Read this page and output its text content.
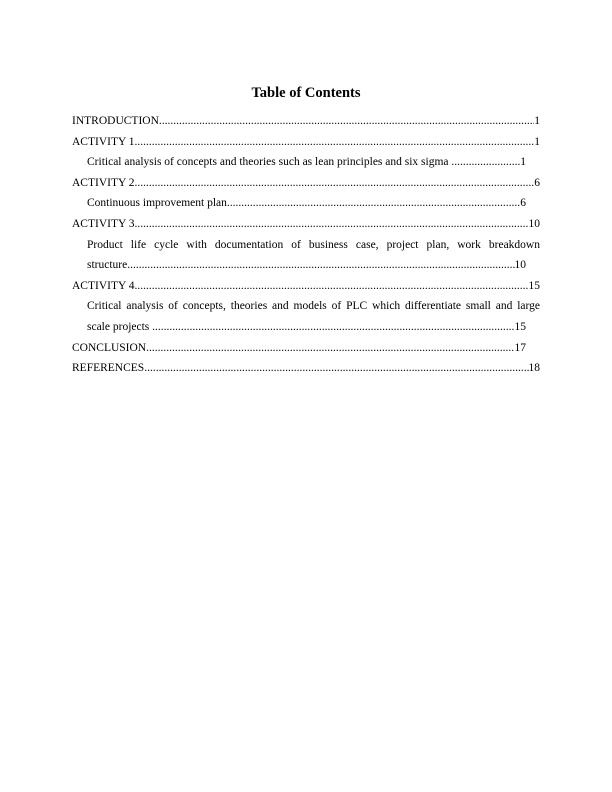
Table of Contents
INTRODUCTION .....	1
ACTIVITY 1 .....	1
Critical analysis of concepts and theories such as lean principles and six sigma .....	1
ACTIVITY 2 .....	6
Continuous improvement plan .....	6
ACTIVITY 3 .....	10
Product life cycle with documentation of business case, project plan, work breakdown
structure .....	10
ACTIVITY 4 .....	15
Critical analysis of concepts, theories and models of PLC which differentiate small and large
scale projects .....	15
CONCLUSION .....	17
REFERENCES .....	18
